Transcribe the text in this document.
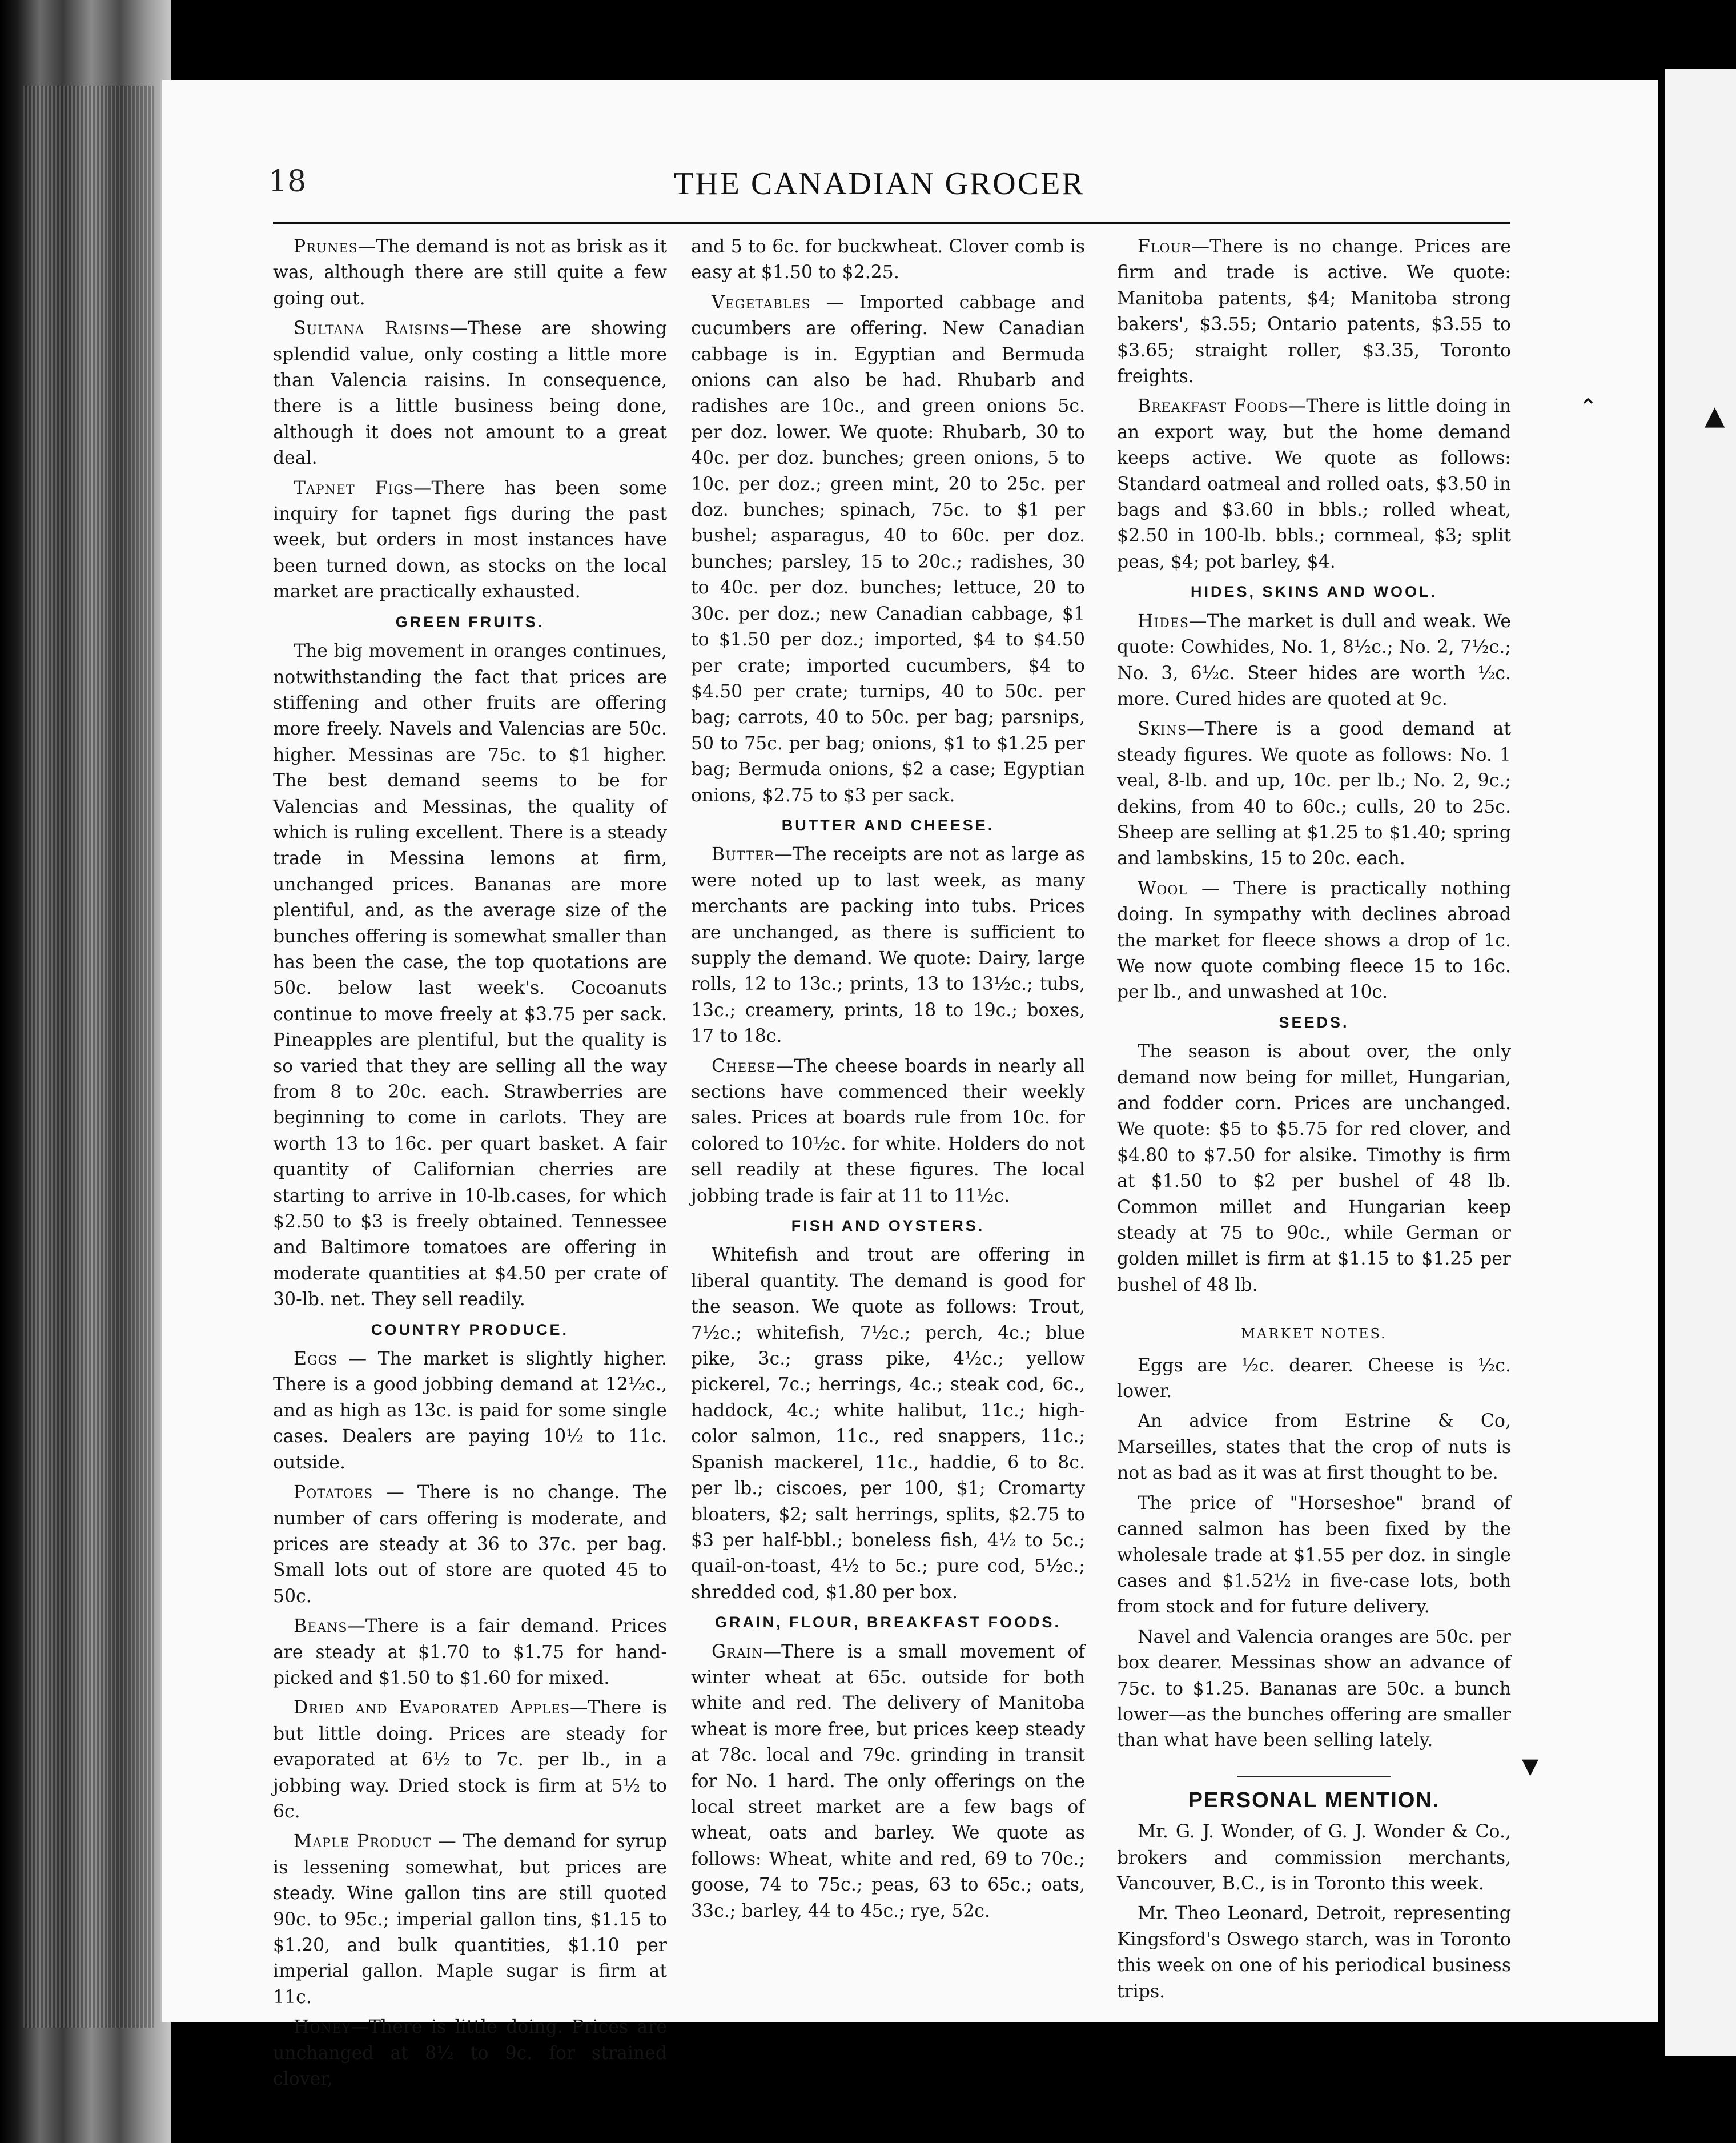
⌃	▲
▼
18	THE CANADIAN GROCER

Prunes—The demand is not as brisk as it was, although there are still quite a few going out.

Sultana Raisins—These are showing splendid value, only costing a little more than Valencia raisins. In consequence, there is a little business being done, although it does not amount to a great deal.

Tapnet Figs—There has been some inquiry for tapnet figs during the past week, but orders in most instances have been turned down, as stocks on the local market are practically exhausted.

GREEN FRUITS.

The big movement in oranges continues, notwithstanding the fact that prices are stiffening and other fruits are offering more freely. Navels and Valencias are 50c. higher. Messinas are 75c. to $1 higher. The best demand seems to be for Valencias and Messinas, the quality of which is ruling excellent. There is a steady trade in Messina lemons at firm, unchanged prices. Bananas are more plentiful, and, as the average size of the bunches offering is somewhat smaller than has been the case, the top quotations are 50c. below last week's. Cocoanuts continue to move freely at $3.75 per sack. Pineapples are plentiful, but the quality is so varied that they are selling all the way from 8 to 20c. each. Strawberries are beginning to come in carlots. They are worth 13 to 16c. per quart basket. A fair quantity of Californian cherries are starting to arrive in 10-lb.cases, for which $2.50 to $3 is freely obtained. Tennessee and Baltimore tomatoes are offering in moderate quantities at $4.50 per crate of 30-lb. net. They sell readily.

COUNTRY PRODUCE.

Eggs — The market is slightly higher. There is a good jobbing demand at 12½c., and as high as 13c. is paid for some single cases. Dealers are paying 10½ to 11c. outside.

Potatoes — There is no change. The number of cars offering is moderate, and prices are steady at 36 to 37c. per bag. Small lots out of store are quoted 45 to 50c.

Beans—There is a fair demand. Prices are steady at $1.70 to $1.75 for hand-picked and $1.50 to $1.60 for mixed.

Dried and Evaporated Apples—There is but little doing. Prices are steady for evaporated at 6½ to 7c. per lb., in a jobbing way. Dried stock is firm at 5½ to 6c.

Maple Product — The demand for syrup is lessening somewhat, but prices are steady. Wine gallon tins are still quoted 90c. to 95c.; imperial gallon tins, $1.15 to $1.20, and bulk quantities, $1.10 per imperial gallon. Maple sugar is firm at 11c.

Honey—There is little doing. Prices are unchanged at 8½ to 9c. for strained clover,

and 5 to 6c. for buckwheat. Clover comb is easy at $1.50 to $2.25.

Vegetables — Imported cabbage and cucumbers are offering. New Canadian cabbage is in. Egyptian and Bermuda onions can also be had. Rhubarb and radishes are 10c., and green onions 5c. per doz. lower. We quote: Rhubarb, 30 to 40c. per doz. bunches; green onions, 5 to 10c. per doz.; green mint, 20 to 25c. per doz. bunches; spinach, 75c. to $1 per bushel; asparagus, 40 to 60c. per doz. bunches; parsley, 15 to 20c.; radishes, 30 to 40c. per doz. bunches; lettuce, 20 to 30c. per doz.; new Canadian cabbage, $1 to $1.50 per doz.; imported, $4 to $4.50 per crate; imported cucumbers, $4 to $4.50 per crate; turnips, 40 to 50c. per bag; carrots, 40 to 50c. per bag; parsnips, 50 to 75c. per bag; onions, $1 to $1.25 per bag; Bermuda onions, $2 a case; Egyptian onions, $2.75 to $3 per sack.

BUTTER AND CHEESE.

Butter—The receipts are not as large as were noted up to last week, as many merchants are packing into tubs. Prices are unchanged, as there is sufficient to supply the demand. We quote: Dairy, large rolls, 12 to 13c.; prints, 13 to 13½c.; tubs, 13c.; creamery, prints, 18 to 19c.; boxes, 17 to 18c.

Cheese—The cheese boards in nearly all sections have commenced their weekly sales. Prices at boards rule from 10c. for colored to 10½c. for white. Holders do not sell readily at these figures. The local jobbing trade is fair at 11 to 11½c.

FISH AND OYSTERS.

Whitefish and trout are offering in liberal quantity. The demand is good for the season. We quote as follows: Trout, 7½c.; whitefish, 7½c.; perch, 4c.; blue pike, 3c.; grass pike, 4½c.; yellow pickerel, 7c.; herrings, 4c.; steak cod, 6c., haddock, 4c.; white halibut, 11c.; high-color salmon, 11c., red snappers, 11c.; Spanish mackerel, 11c., haddie, 6 to 8c. per lb.; ciscoes, per 100, $1; Cromarty bloaters, $2; salt herrings, splits, $2.75 to $3 per half-bbl.; boneless fish, 4½ to 5c.; quail-on-toast, 4½ to 5c.; pure cod, 5½c.; shredded cod, $1.80 per box.

GRAIN, FLOUR, BREAKFAST FOODS.

Grain—There is a small movement of winter wheat at 65c. outside for both white and red. The delivery of Manitoba wheat is more free, but prices keep steady at 78c. local and 79c. grinding in transit for No. 1 hard. The only offerings on the local street market are a few bags of wheat, oats and barley. We quote as follows: Wheat, white and red, 69 to 70c.; goose, 74 to 75c.; peas, 63 to 65c.; oats, 33c.; barley, 44 to 45c.; rye, 52c.

Flour—There is no change. Prices are firm and trade is active. We quote: Manitoba patents, $4; Manitoba strong bakers', $3.55; Ontario patents, $3.55 to $3.65; straight roller, $3.35, Toronto freights.

Breakfast Foods—There is little doing in an export way, but the home demand keeps active. We quote as follows: Standard oatmeal and rolled oats, $3.50 in bags and $3.60 in bbls.; rolled wheat, $2.50 in 100-lb. bbls.; cornmeal, $3; split peas, $4; pot barley, $4.

HIDES, SKINS AND WOOL.

Hides—The market is dull and weak. We quote: Cowhides, No. 1, 8½c.; No. 2, 7½c.; No. 3, 6½c. Steer hides are worth ½c. more. Cured hides are quoted at 9c.

Skins—There is a good demand at steady figures. We quote as follows: No. 1 veal, 8-lb. and up, 10c. per lb.; No. 2, 9c.; dekins, from 40 to 60c.; culls, 20 to 25c. Sheep are selling at $1.25 to $1.40; spring and lambskins, 15 to 20c. each.

Wool — There is practically nothing doing. In sympathy with declines abroad the market for fleece shows a drop of 1c. We now quote combing fleece 15 to 16c. per lb., and unwashed at 10c.

SEEDS.

The season is about over, the only demand now being for millet, Hungarian, and fodder corn. Prices are unchanged. We quote: $5 to $5.75 for red clover, and $4.80 to $7.50 for alsike. Timothy is firm at $1.50 to $2 per bushel of 48 lb. Common millet and Hungarian keep steady at 75 to 90c., while German or golden millet is firm at $1.15 to $1.25 per bushel of 48 lb.

MARKET NOTES.

Eggs are ½c. dearer. Cheese is ½c. lower.

An advice from Estrine & Co, Marseilles, states that the crop of nuts is not as bad as it was at first thought to be.

The price of "Horseshoe" brand of canned salmon has been fixed by the wholesale trade at $1.55 per doz. in single cases and $1.52½ in five-case lots, both from stock and for future delivery.

Navel and Valencia oranges are 50c. per box dearer. Messinas show an advance of 75c. to $1.25. Bananas are 50c. a bunch lower—as the bunches offering are smaller than what have been selling lately.

PERSONAL MENTION.

Mr. G. J. Wonder, of G. J. Wonder & Co., brokers and commission merchants, Vancouver, B.C., is in Toronto this week.

Mr. Theo Leonard, Detroit, representing Kingsford's Oswego starch, was in Toronto this week on one of his periodical business trips.
